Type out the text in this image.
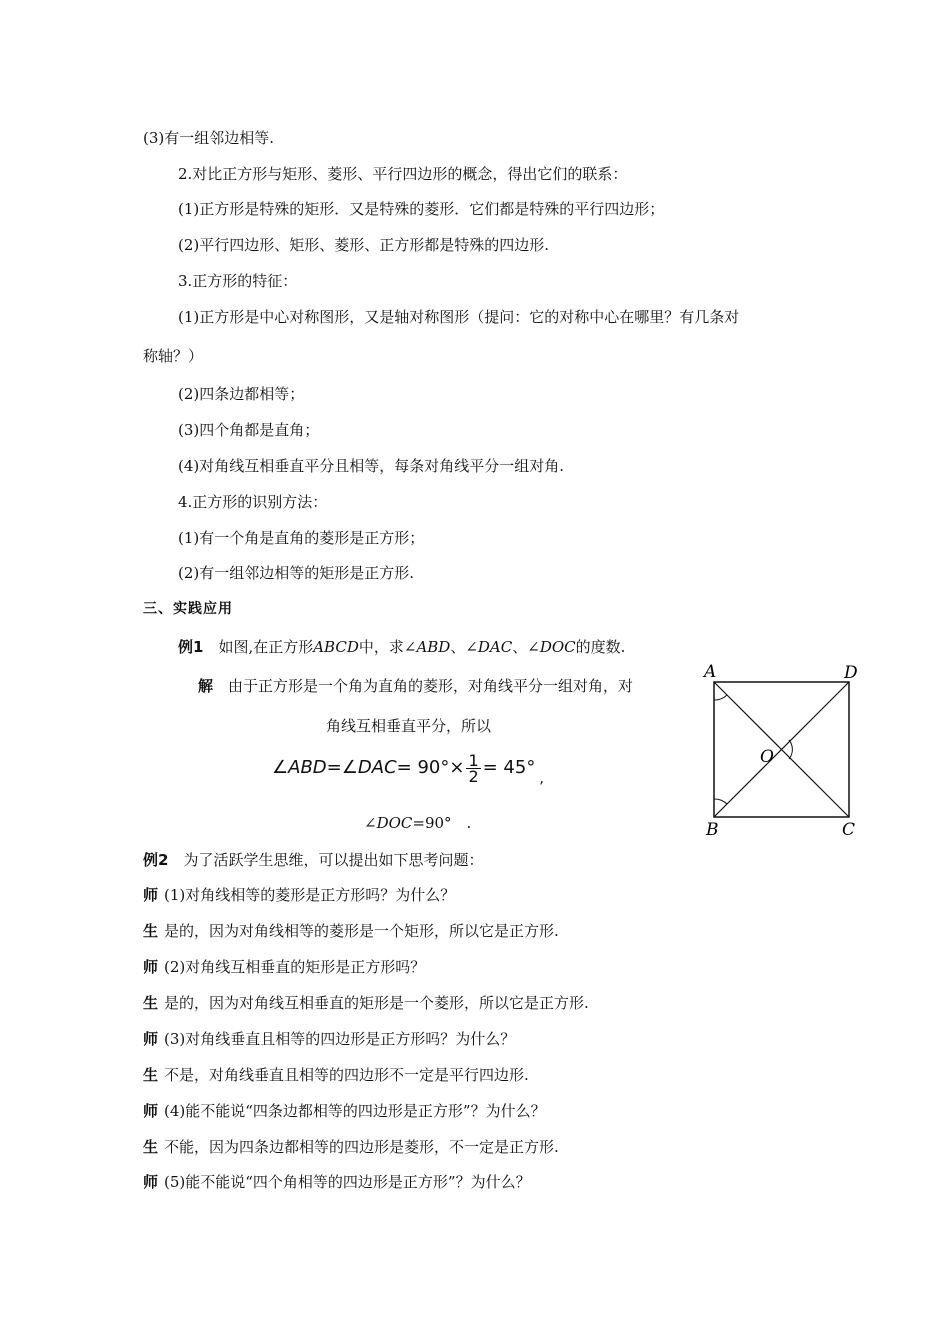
(3)有一组邻边相等.
2.对比正方形与矩形、菱形、平行四边形的概念，得出它们的联系：
(1)正方形是特殊的矩形．又是特殊的菱形．它们都是特殊的平行四边形；
(2)平行四边形、矩形、菱形、正方形都是特殊的四边形.
3.正方形的特征：
(1)正方形是中心对称图形，又是轴对称图形（提问：它的对称中心在哪里？有几条对
称轴？）
(2)四条边都相等；
(3)四个角都是直角；
(4)对角线互相垂直平分且相等，每条对角线平分一组对角.
4.正方形的识别方法：
(1)有一个角是直角的菱形是正方形；
(2)有一组邻边相等的矩形是正方形.
三、实践应用
例1　如图,在正方形ABCD中，求∠ABD、∠DAC、∠DOC的度数.
解　由于正方形是一个角为直角的菱形，对角线平分一组对角，对
角线互相垂直平分，所以
∠ABD=∠DAC= $90^\circ\times \frac{1}{2} = 45^\circ_,$
∠DOC=90°　.
A	D
O
B	C
例2　为了活跃学生思维，可以提出如下思考问题：
师 (1)对角线相等的菱形是正方形吗？为什么？
生 是的，因为对角线相等的菱形是一个矩形，所以它是正方形.
师 (2)对角线互相垂直的矩形是正方形吗？
生 是的，因为对角线互相垂直的矩形是一个菱形，所以它是正方形.
师 (3)对角线垂直且相等的四边形是正方形吗？为什么？
生 不是，对角线垂直且相等的四边形不一定是平行四边形.
师 (4)能不能说“四条边都相等的四边形是正方形”？为什么？
生 不能，因为四条边都相等的四边形是菱形，不一定是正方形.
师 (5)能不能说“四个角相等的四边形是正方形”？为什么？
